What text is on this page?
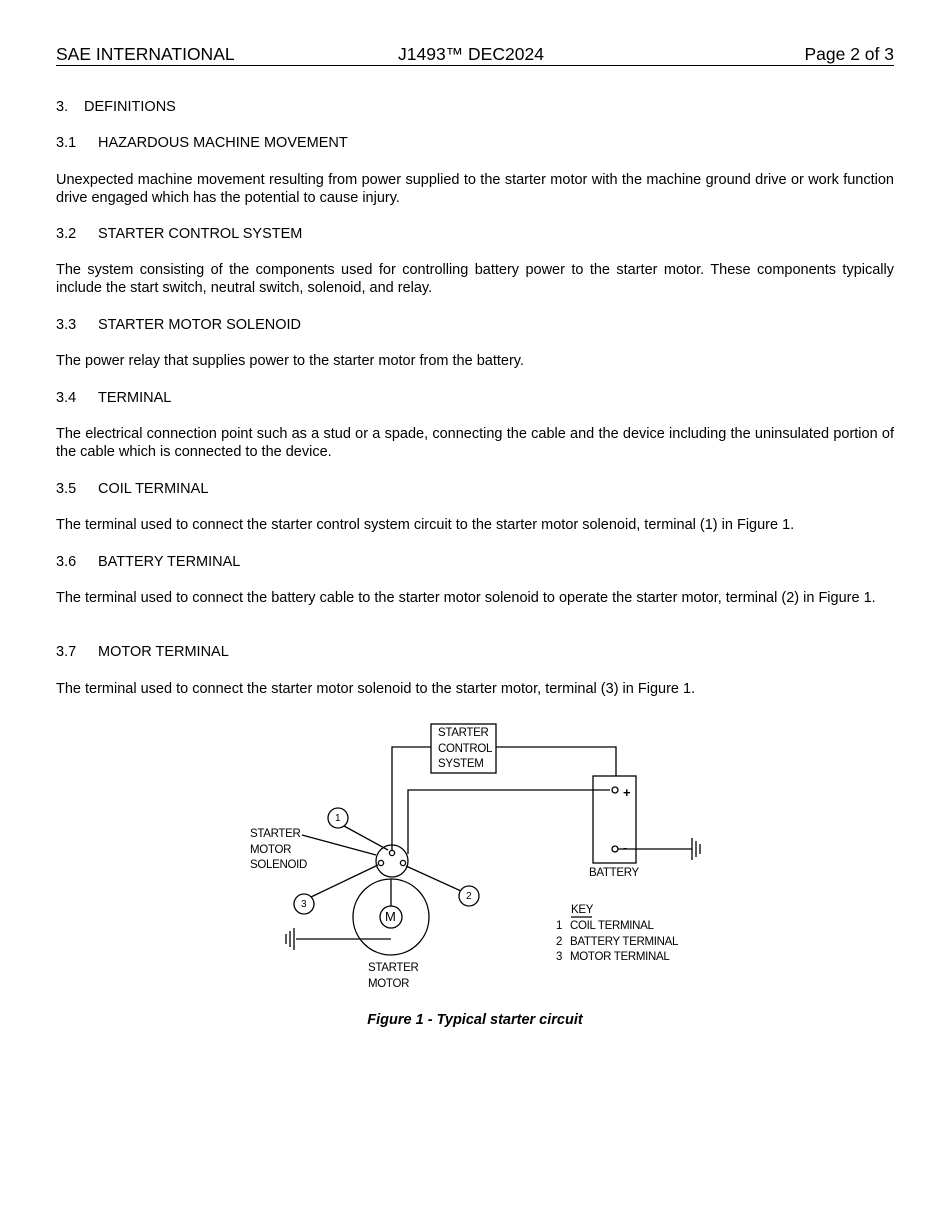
SAE INTERNATIONAL	J1493™ DEC2024	Page 2 of 3
3. DEFINITIONS
3.1 HAZARDOUS MACHINE MOVEMENT
Unexpected machine movement resulting from power supplied to the starter motor with the machine ground drive or work function drive engaged which has the potential to cause injury.
3.2 STARTER CONTROL SYSTEM
The system consisting of the components used for controlling battery power to the starter motor. These components typically include the start switch, neutral switch, solenoid, and relay.
3.3 STARTER MOTOR SOLENOID
The power relay that supplies power to the starter motor from the battery.
3.4 TERMINAL
The electrical connection point such as a stud or a spade, connecting the cable and the device including the uninsulated portion of the cable which is connected to the device.
3.5 COIL TERMINAL
The terminal used to connect the starter control system circuit to the starter motor solenoid, terminal (1) in Figure 1.
3.6 BATTERY TERMINAL
The terminal used to connect the battery cable to the starter motor solenoid to operate the starter motor, terminal (2) in Figure 1.
3.7 MOTOR TERMINAL
The terminal used to connect the starter motor solenoid to the starter motor, terminal (3) in Figure 1.
STARTER
CONTROL
SYSTEM
STARTER
MOTOR
SOLENOID
STARTER
MOTOR
M
BATTERY
+
-
1
2
3	KEY
1 COIL TERMINAL
2 BATTERY TERMINAL
3 MOTOR TERMINAL
Figure 1 - Typical starter circuit
